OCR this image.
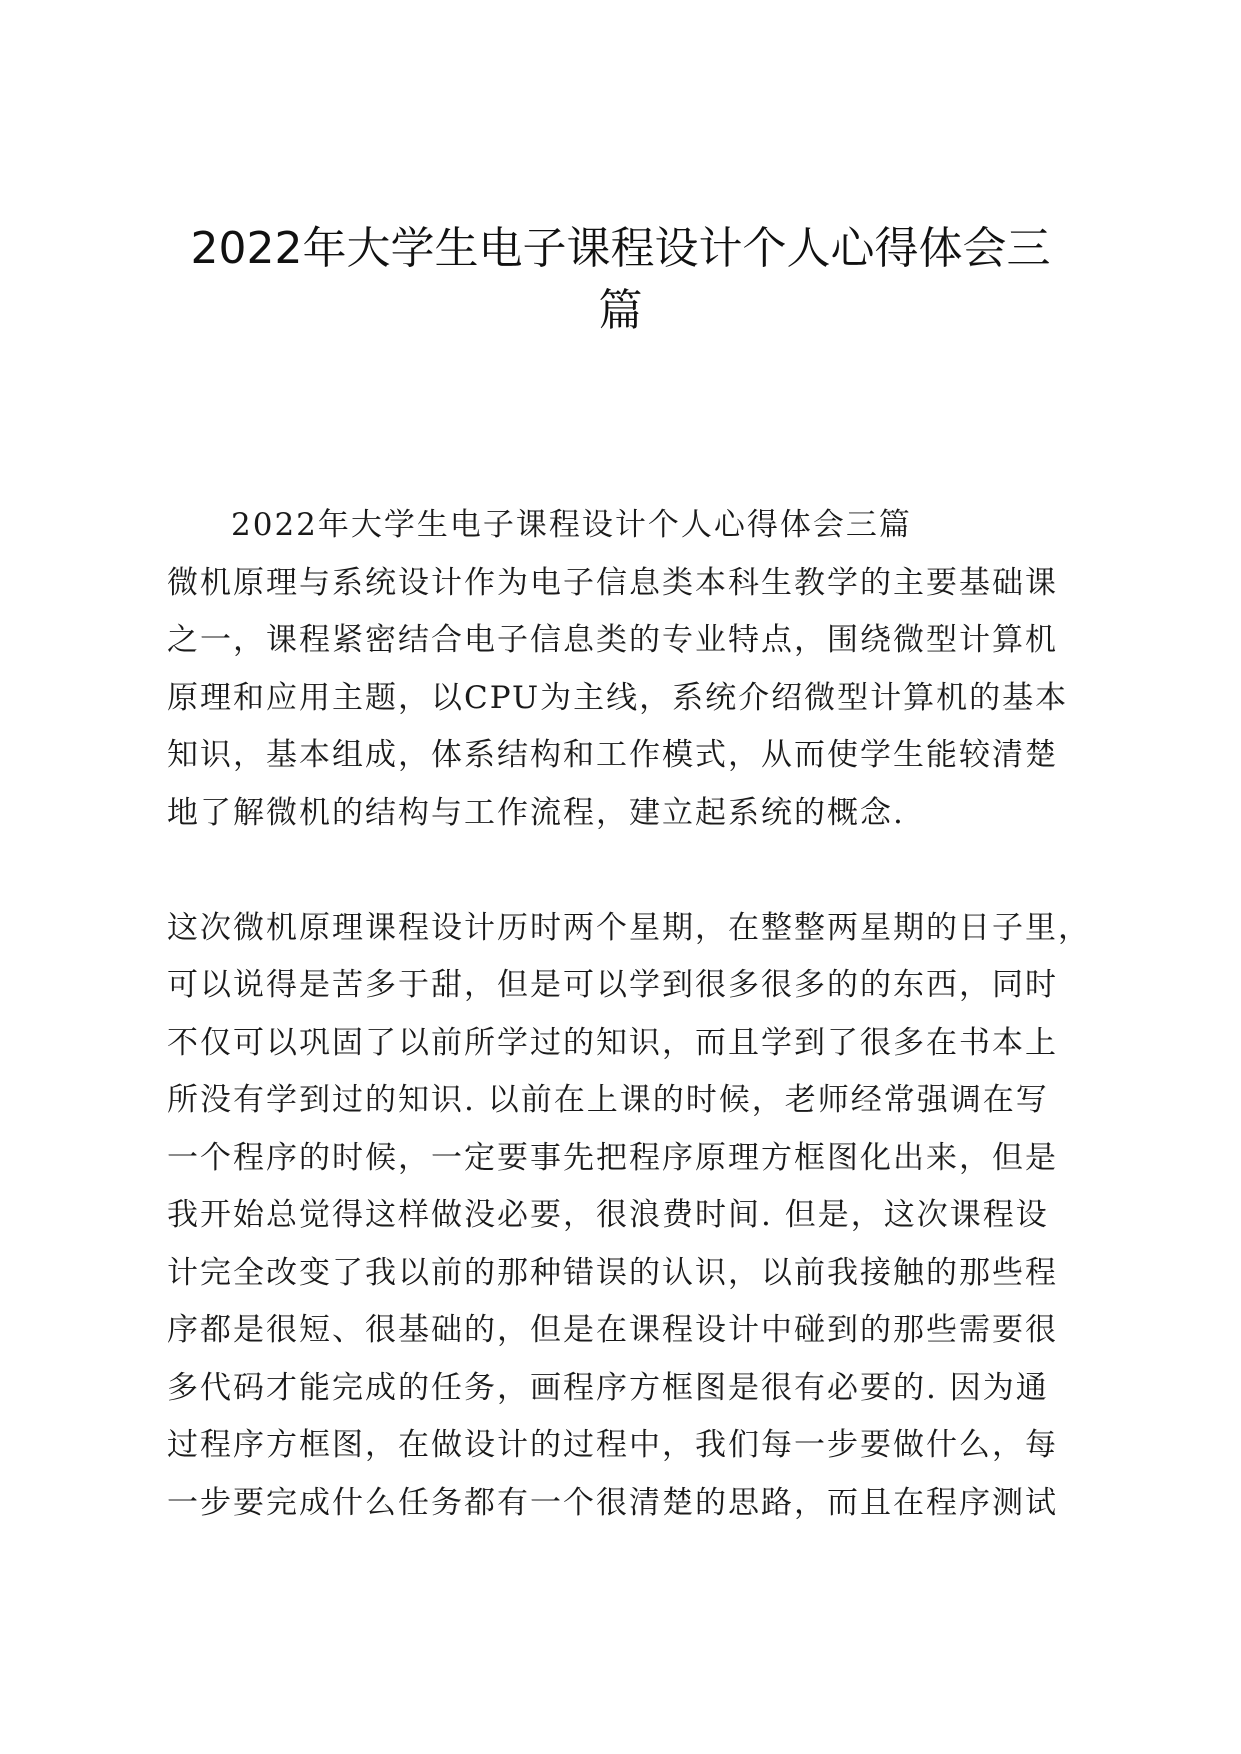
2022年大学生电子课程设计个人心得体会三
篇
2022年大学生电子课程设计个人心得体会三篇
微机原理与系统设计作为电子信息类本科生教学的主要基础课
之一，课程紧密结合电子信息类的专业特点，围绕微型计算机
原理和应用主题，以CPU为主线，系统介绍微型计算机的基本
知识，基本组成，体系结构和工作模式，从而使学生能较清楚
地了解微机的结构与工作流程，建立起系统的概念.
这次微机原理课程设计历时两个星期，在整整两星期的日子里，
可以说得是苦多于甜，但是可以学到很多很多的的东西，同时
不仅可以巩固了以前所学过的知识，而且学到了很多在书本上
所没有学到过的知识. 以前在上课的时候，老师经常强调在写
一个程序的时候，一定要事先把程序原理方框图化出来，但是
我开始总觉得这样做没必要，很浪费时间. 但是，这次课程设
计完全改变了我以前的那种错误的认识，以前我接触的那些程
序都是很短、很基础的，但是在课程设计中碰到的那些需要很
多代码才能完成的任务，画程序方框图是很有必要的. 因为通
过程序方框图，在做设计的过程中，我们每一步要做什么，每
一步要完成什么任务都有一个很清楚的思路，而且在程序测试
